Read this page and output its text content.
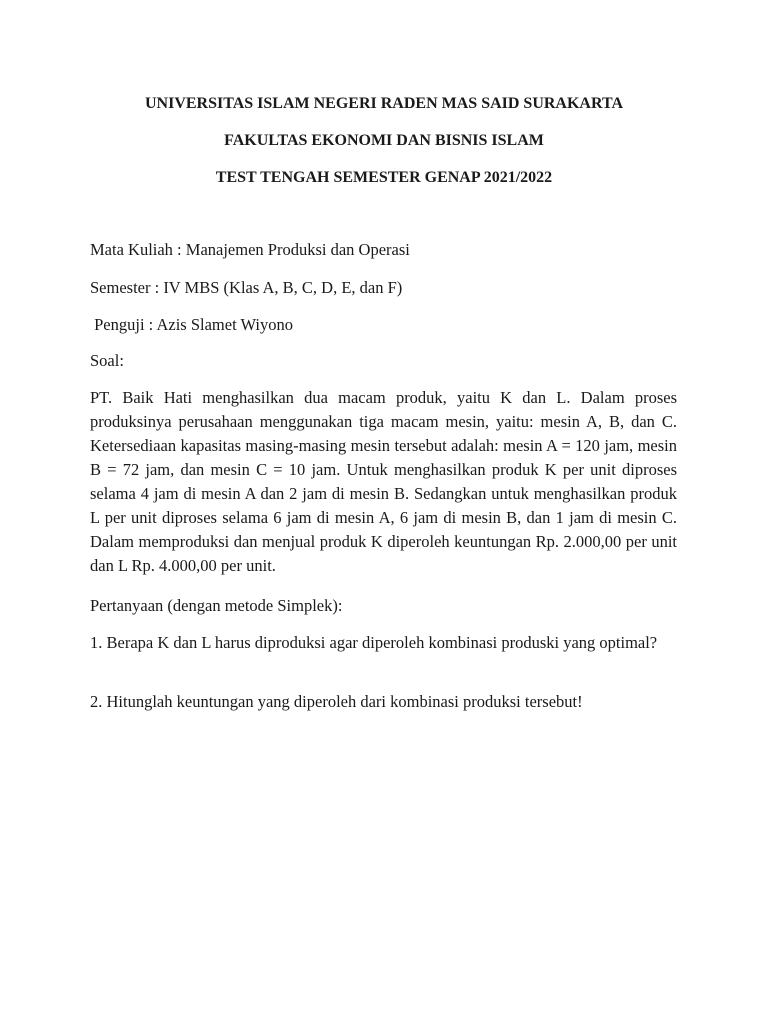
UNIVERSITAS ISLAM NEGERI RADEN MAS SAID SURAKARTA
FAKULTAS EKONOMI DAN BISNIS ISLAM
TEST TENGAH SEMESTER GENAP 2021/2022
Mata Kuliah : Manajemen Produksi dan Operasi
Semester : IV MBS (Klas A, B, C, D, E, dan F)
Penguji : Azis Slamet Wiyono
Soal:
PT. Baik Hati menghasilkan dua macam produk, yaitu K dan L. Dalam proses produksinya perusahaan menggunakan tiga macam mesin, yaitu: mesin A, B, dan C. Ketersediaan kapasitas masing-masing mesin tersebut adalah: mesin A = 120 jam, mesin B = 72 jam, dan mesin C = 10 jam. Untuk menghasilkan produk K per unit diproses selama 4 jam di mesin A dan 2 jam di mesin B. Sedangkan untuk menghasilkan produk L per unit diproses selama 6 jam di mesin A, 6 jam di mesin B, dan 1 jam di mesin C. Dalam memproduksi dan menjual produk K diperoleh keuntungan Rp. 2.000,00 per unit dan L Rp. 4.000,00 per unit.
Pertanyaan (dengan metode Simplek):
1. Berapa K dan L harus diproduksi agar diperoleh kombinasi produski yang optimal?
2. Hitunglah keuntungan yang diperoleh dari kombinasi produksi tersebut!
